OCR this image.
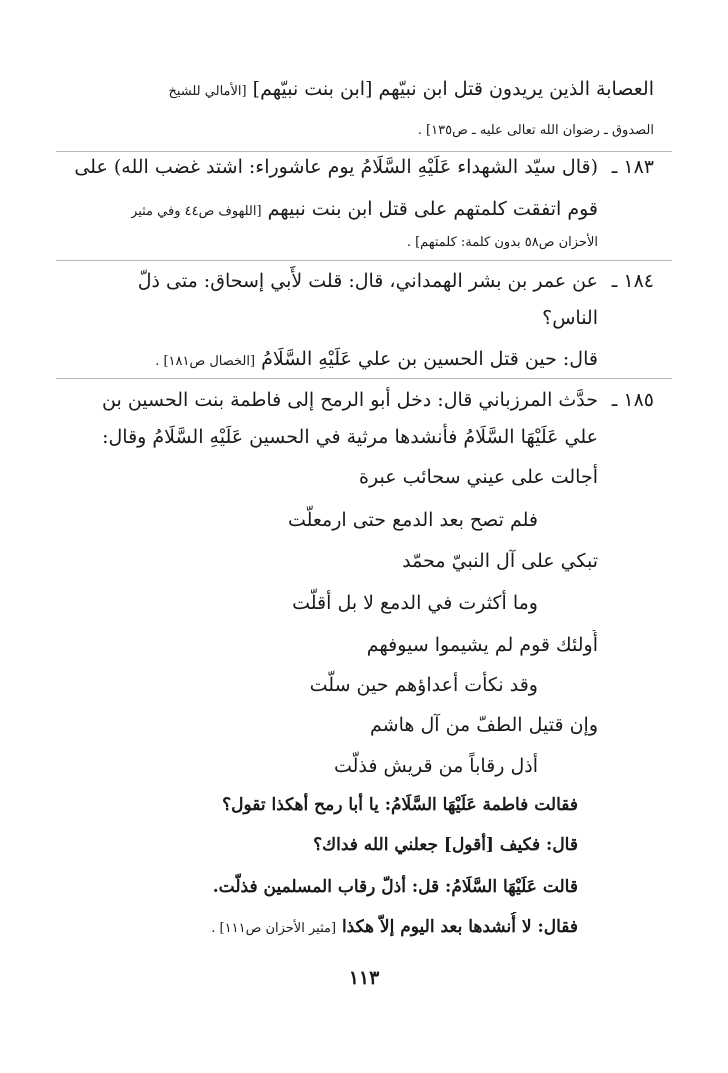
العصابة الذين يريدون قتل ابن نبيّهم [ابن بنت نبيّهم] [الأمالي للشيخ
الصدوق ـ رضوان الله تعالى عليه ـ ص١٣٥] .
١٨٣ ـ
(قال سيّد الشهداء عَلَيْهِ السَّلَامُ يوم عاشوراء: اشتد غضب الله) على
قوم اتفقت كلمتهم على قتل ابن بنت نبيهم [اللهوف ص٤٤ وفي مثير
الأحزان ص٥٨ بدون كلمة: كلمتهم] .
١٨٤ ـ
عن عمر بن بشر الهمداني، قال: قلت لأَبي إسحاق: متى ذلّ
الناس؟
قال: حين قتل الحسين بن علي عَلَيْهِ السَّلَامُ [الخصال ص١٨١] .
١٨٥ ـ
حدَّث المرزباني قال: دخل أبو الرمح إلى فاطمة بنت الحسين بن
علي عَلَيْهَا السَّلَامُ فأنشدها مرثية في الحسين عَلَيْهِ السَّلَامُ وقال:
أجالت على عيني سحائب عبرة
فلم تصح بعد الدمع حتى ارمعلّت
تبكي على آل النبيّ محمّد
وما أكثرت في الدمع لا بل أقلّت
أُولئك قوم لم يشيموا سيوفهم
وقد نكأت أعداؤهم حين سلّت
وإن قتيل الطفّ من آل هاشم
أذل رقاباً من قريش فذلّت
فقالت فاطمة عَلَيْهَا السَّلَامُ: يا أبا رمح أهكذا تقول؟
قال: فكيف [أقول] جعلني الله فداك؟
قالت عَلَيْهَا السَّلَامُ: قل: أذلّ رقاب المسلمين فذلّت.
فقال: لا أُنشدها بعد اليوم إلاّ هكذا [مثير الأحزان ص١١١] .
١١٣
